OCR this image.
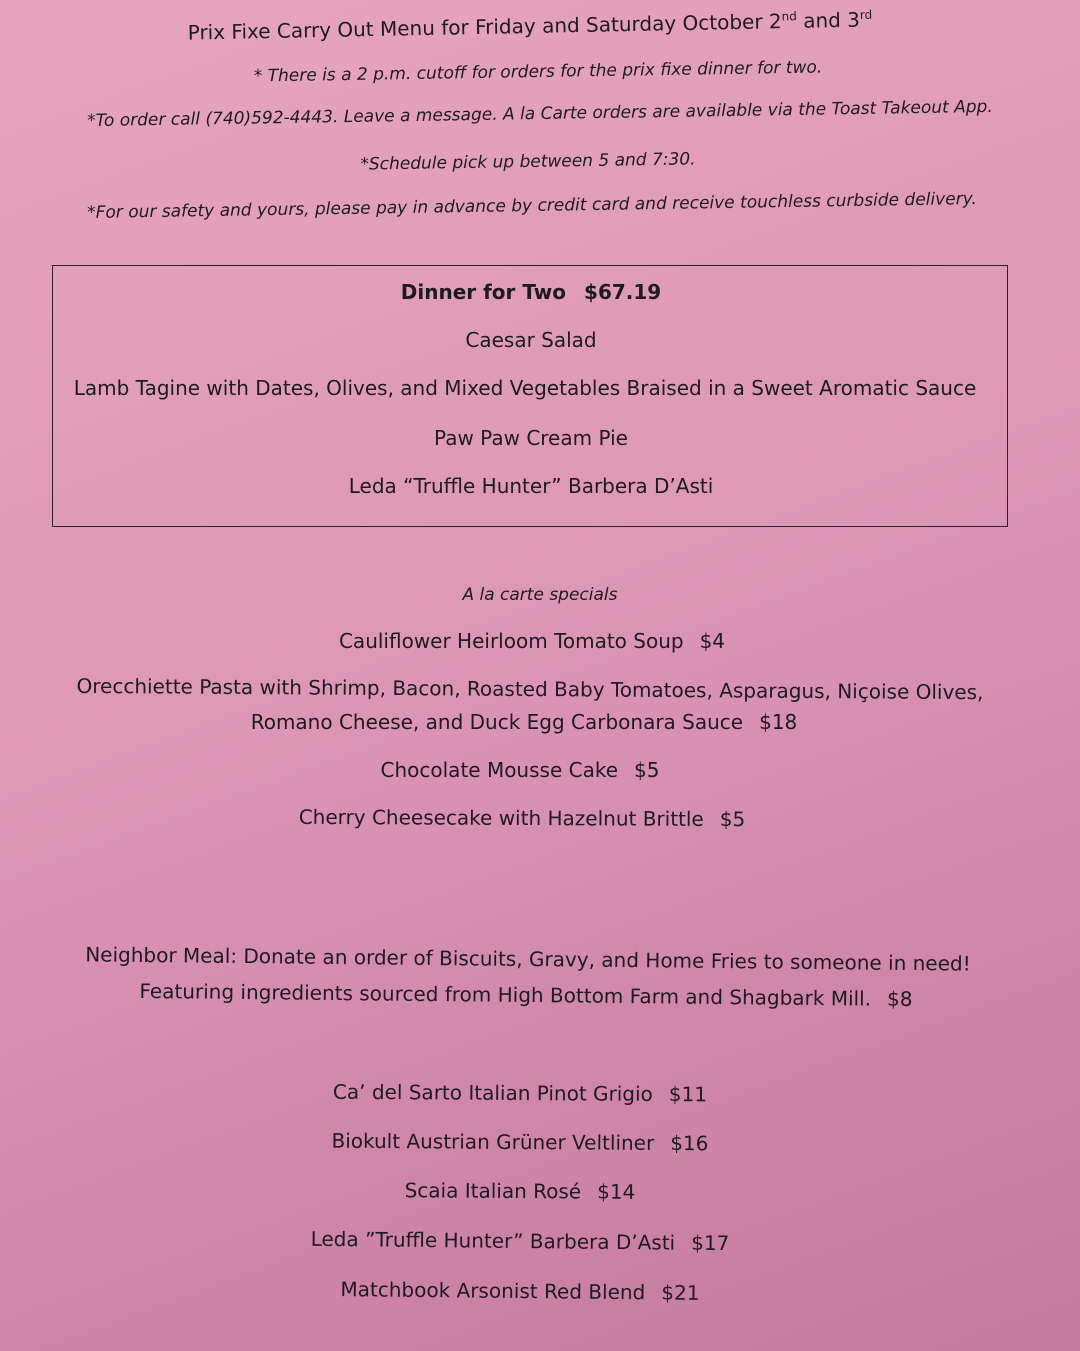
Prix Fixe Carry Out Menu for Friday and Saturday October 2nd and 3rd
* There is a 2 p.m. cutoff for orders for the prix fixe dinner for two.
*To order call (740)592-4443. Leave a message. A la Carte orders are available via the Toast Takeout App.
*Schedule pick up between 5 and 7:30.
*For our safety and yours, please pay in advance by credit card and receive touchless curbside delivery.
Dinner for Two $67.19
Caesar Salad
Lamb Tagine with Dates, Olives, and Mixed Vegetables Braised in a Sweet Aromatic Sauce
Paw Paw Cream Pie
Leda “Truffle Hunter” Barbera D’Asti
A la carte specials
Cauliflower Heirloom Tomato Soup $4
Orecchiette Pasta with Shrimp, Bacon, Roasted Baby Tomatoes, Asparagus, Niçoise Olives,
Romano Cheese, and Duck Egg Carbonara Sauce $18
Chocolate Mousse Cake $5
Cherry Cheesecake with Hazelnut Brittle $5
Neighbor Meal: Donate an order of Biscuits, Gravy, and Home Fries to someone in need!
Featuring ingredients sourced from High Bottom Farm and Shagbark Mill. $8
Ca’ del Sarto Italian Pinot Grigio $11
Biokult Austrian Grüner Veltliner $16
Scaia Italian Rosé $14
Leda ”Truffle Hunter” Barbera D’Asti $17
Matchbook Arsonist Red Blend $21
